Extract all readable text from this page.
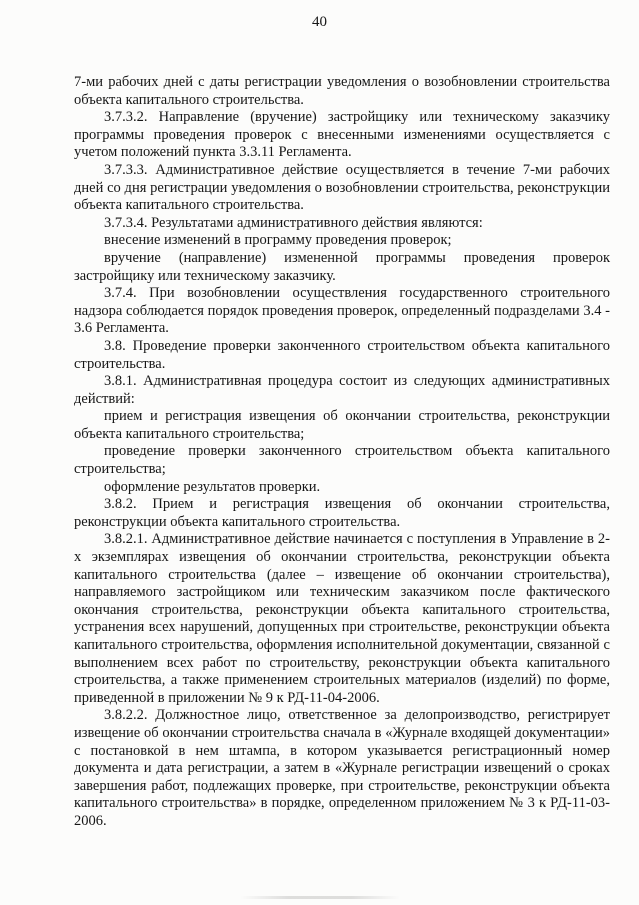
40

7-ми рабочих дней с даты регистрации уведомления о возобновлении строительства объекта капитального строительства.

3.7.3.2. Направление (вручение) застройщику или техническому заказчику программы проведения проверок с внесенными изменениями осуществляется с учетом положений пункта 3.3.11 Регламента.

3.7.3.3. Административное действие осуществляется в течение 7-ми рабочих дней со дня регистрации уведомления о возобновлении строительства, реконструкции объекта капитального строительства.

3.7.3.4. Результатами административного действия являются:

внесение изменений в программу проведения проверок;

вручение (направление) измененной программы проведения проверок застройщику или техническому заказчику.

3.7.4. При возобновлении осуществления государственного строительного надзора соблюдается порядок проведения проверок, определенный подразделами 3.4 - 3.6 Регламента.

3.8. Проведение проверки законченного строительством объекта капитального строительства.

3.8.1. Административная процедура состоит из следующих административных действий:

прием и регистрация извещения об окончании строительства, реконструкции объекта капитального строительства;

проведение проверки законченного строительством объекта капитального строительства;

оформление результатов проверки.

3.8.2. Прием и регистрация извещения об окончании строительства, реконструкции объекта капитального строительства.

3.8.2.1. Административное действие начинается с поступления в Управление в 2-х экземплярах извещения об окончании строительства, реконструкции объекта капитального строительства (далее – извещение об окончании строительства), направляемого застройщиком или техническим заказчиком после фактического окончания строительства, реконструкции объекта капитального строительства, устранения всех нарушений, допущенных при строительстве, реконструкции объекта капитального строительства, оформления исполнительной документации, связанной с выполнением всех работ по строительству, реконструкции объекта капитального строительства, а также применением строительных материалов (изделий) по форме, приведенной в приложении № 9 к РД-11-04-2006.

3.8.2.2. Должностное лицо, ответственное за делопроизводство, регистрирует извещение об окончании строительства сначала в «Журнале входящей документации» с постановкой в нем штампа, в котором указывается регистрационный номер документа и дата регистрации, а затем в «Журнале регистрации извещений о сроках завершения работ, подлежащих проверке, при строительстве, реконструкции объекта капитального строительства» в порядке, определенном приложением № 3 к РД-11-03-2006.
